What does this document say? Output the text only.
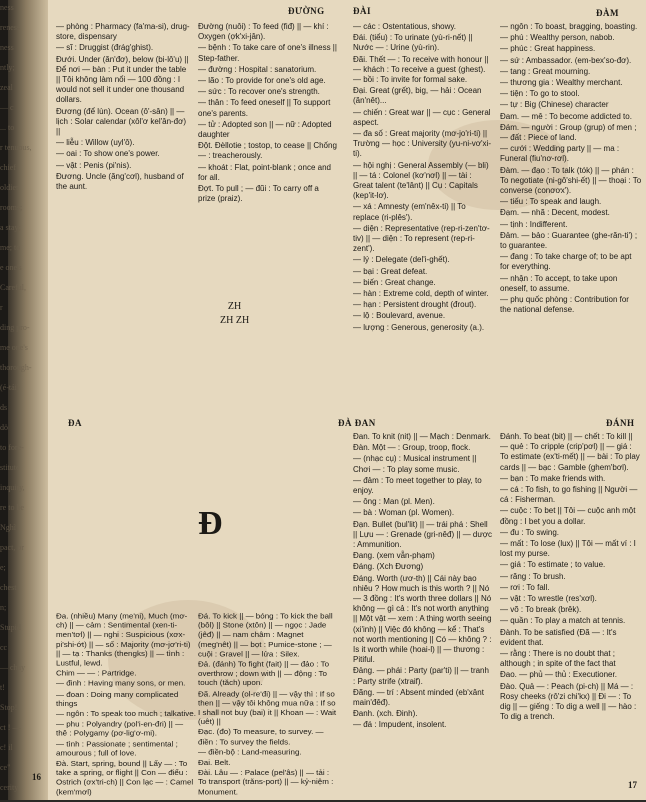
ness
reness
ness
ntly;
zeal
— c
... to
r tenuous,
chief
oldier
rooms;
a stay;
me; to
e one's
Careful,
r
ding pro-
me one's
thorough-
(é-tái)
ds
dö
to fore-
stitute
inquiry,
re to be
Nghĩ
pact, or
e;
chest
n;
Stupid
cc
— chay
t!
Stop!
ct ! —
c! il
ce"
cerity
ĐƯỜNG	ĐÀI	ĐÀM

— phòng : Pharmacy (fa'ma-si), drug-store, dispensary

— sĩ : Druggist (đrág'ghist).

Đưới. Under (ăn'đơ), below (bi-lô'u) || Để nơi — bàn : Put it under the table || Tôi không làm nổi — 100 đồng : I would not sell it under one thousand dollars.

Đương (để lùn). Ocean (ô'-sân) || — lịch : Solar calendar (xôl'ơ kel'ân-đơ) ||

— liễu : Willow (uyl'ô).

— oai : To show one's power.

— vật : Penis (pi'nis).

Đương. Uncle (ăng'cơl), husband of the aunt.

Đường (nuôi) : To feed (fiđ) || — khí : Oxygen (ợk'xi-jân).

— bệnh : To take care of one's illness || Step-father.

— đường : Hospital : sanatorium.

— lão : To provide for one's old age.

— sức : To recover one's strength.

— thân : To feed oneself || To support one's parents.

— tử : Adopted son || — nữ : Adopted daughter

Đột. Đèllotie ; tostop, to cease || Chống — : treacherously.

— khoát : Flat, point-blank ; once and for all.

Đợt. To pull ; — đũi : To carry off a prize (praiz).

ZH
ZH ZH

— các : Ostentatious, showy.

Đái. (tiểu) : To urinate (yù-ri-nết) || Nước — : Urine (yù-rin).

Đãi. Thết — : To receive with honour || — khách : To receive a guest (ghest). — bồi : To invite for formal sake.

Đại. Great (grết), big, — hải : Ocean (ăn'nêt)...

— chiến : Great war || — cục : General aspect.

— đa số : Great majority (mơ-jo'ri-ti) || Trường — học : University (yu-ni-vơ'xi-ti).

— hội nghị : General Assembly (— bli) || — tá : Colonel (kơ'nơl) || — tài : Great talent (te'lânt) || Cụ : Capitals (kep'it-lơ).

— xá : Amnesty (em'nêx-ti) || To replace (ri-plês').

— diện : Representative (rep-ri-zen'tơ-tiv) || — diện : To represent (rep-ri-zent').

— lý : Delegate (del'i-ghết).

— bại : Great defeat.

— biến : Great change.

— hàn : Extreme cold, depth of winter.

— hạn : Persistent drought (đrout).

— lộ : Boulevard, avenue.

— lượng : Generous, generosity (a.).

— ngôn : To boast, bragging, boasting.

— phú : Wealthy person, nabob.

— phúc : Great happiness.

— sứ : Ambassador. (em-bex'so-đơ).

— tang : Great mourning.

— thương gia : Wealthy merchant.

— tiện : To go to stool.

— tự : Big (Chinese) character

Đam. — mê : To become addicted to.

Đám. — người : Group (grup) of men ; — đất : Piece of land.

— cưới : Wedding party || — ma : Funeral (fiu'nơ-rơl).

Đàm. — đạo : To talk (tók) || — phán : To negotiate (ni-gô'shi-ết) || — thoại : To converse (conơơx').

— tiếu : To speak and laugh.

Đạm. — nhã : Decent, modest.

— tịnh : Indifferent.

Đảm. — bảo : Guarantee (ghe-răn-ti') ; to guarantee.

— đang : To take charge of; to be apt for everything.

— nhận : To accept, to take upon oneself, to assume.

— phụ quốc phòng : Contribution for the national defense.

ĐA	ĐÀ ĐAN	ĐÁNH
Đ

Đa. (nhiều) Many (me'ni), Much (mơ-ch) || — cảm : Sentimental (xen-ti-men'tơl) || — nghi : Suspicious (xơx-pi'shi-ớt) || — số : Majority (mơ-jơ'ri-ti) || — tạ : Thanks (thengks) || — tình : Lustful, lewd.

Chim — — : Partridge.

— đinh : Having many sons, or men.

— đoan : Doing many complicated things

— ngôn : To speak too much ; talkative.

— phu : Polyandry (pol'i-en-đri) || — thê : Polygamy (pơ-lig'ơ-mi).

— tình : Passionate ; sentimental ; amourous ; full of love.

Đà. Start, spring, bound || Lấy — : To take a spring, or flight || Con — điểu : Ostrich (ơx'tri-ch) || Con lạc — : Camel (kem'mơl)

Đá. To kick || — bóng : To kick the ball (bôl) || Stone (xtôn) || — ngọc : Jade (jêđ) || — nam châm : Magnet (meg'nêt) || — bọt : Pumice-stone ; — cuội : Gravel || — lửa : Silex.

Đả. (đánh) To fight (fait) || — đảo : To overthrow ; down with || — động : To touch (tăch) upon.

Đã. Already (ol-re'đi) || — vậy thì : If so then || — vậy tôi không mua nữa : If so I shall not buy (bai) it || Khoan — : Wait (uêt) ||

Đạc. (đo) To measure, to survey. — điền : To survey the fields.

— điền-bộ : Land-measuring.

Đai. Belt.

Đài. Lâu — : Palace (pel'âs) || — tải : To transport (trăns-port) || — kỷ-niệm : Monument.

Đan. To knit (nit) || — Mạch : Denmark.

Đàn. Một — : Group, troop, flock.

— (nhạc cụ) : Musical instrument || Chơi — : To play some music.

— đảm : To meet together to play, to enjoy.

— ông : Man (pl. Men).

— bà : Woman (pl. Women).

Đạn. Bullet (bul'lit) || — trái phá : Shell || Lựu — : Grenade (gri-nêđ) || — dược : Ammunition.

Đang. (xem vẫn-phạm)

Đáng. (Xch Đương)

Đáng. Worth (ươ-th) || Cái này bao nhiêu ? How much is this worth ? || Nó — 3 đồng : It's worth three dollars || Nó không — gì cả : It's not worth anything || Một vật — xem : A thing worth seeing (xi'inh) || Việc đó không — kể : That's not worth mentioning || Có — không ? : Is it worth while (hoai-l) || — thương : Pitiful.

Đảng. — phái : Party (par'ti) || — tranh : Party strife (xtraif).

Đãng. — trí : Absent minded (eb'xânt main'đêđ).

Đanh. (xch. Đinh).

— đá : Impudent, insolent.

Đánh. To beat (bit) || — chết : To kill || — quẻ : To cripple (crip'pơl) || — giá : To estimate (ex'ti-mết) || — bài : To play cards || — bạc : Gamble (ghem'bơl).

— bạn : To make friends with.

— cá : To fish, to go fishing || Người — cá : Fisherman.

— cuộc : To bet || Tôi — cuộc anh một đồng : I bet you a dollar.

— đu : To swing.

— mất : To lose (lux) || Tôi — mất ví : I lost my purse.

— giá : To estimate ; to value.

— răng : To brush.

— rơi : To fall.

— vật : To wrestle (res'xơl).

— võ : To break (brêk).

— quần : To play a match at tennis.

Đành. To be satisfied (Đã — : It's evident that.

— rằng : There is no doubt that ; although ; in spite of the fact that

Đao. — phủ — thủ : Executioner.

Đào. Quả — : Peach (pi-ch) || Má — : Rosy cheeks (rô'zi chi'kx) || Đi — : To dig || — giếng : To dig a well || — hào : To dig a trench.

16
17
